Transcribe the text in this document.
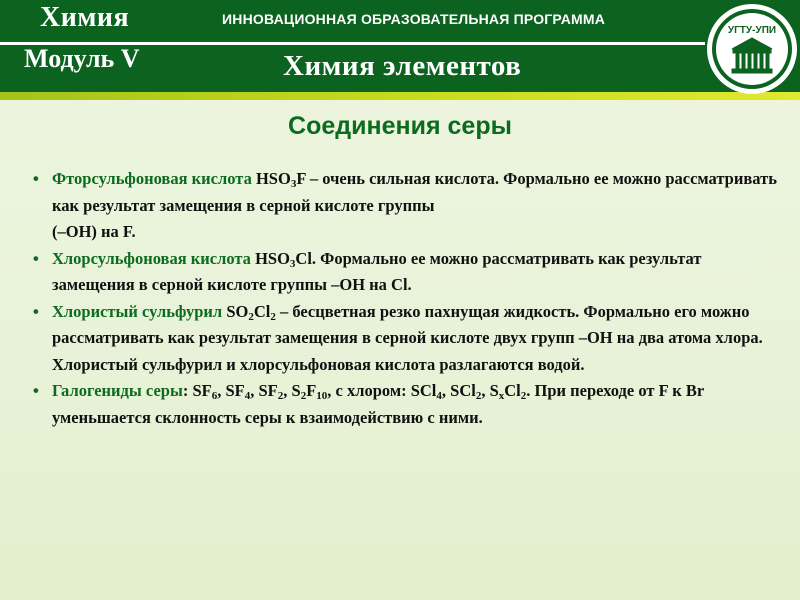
Химия	ИННОВАЦИОННАЯ ОБРАЗОВАТЕЛЬНАЯ ПРОГРАММА
Модуль V	Химия элементов
УГТУ-УПИ
Соединения серы
• Фторсульфоновая кислота $HSO_3F$ – очень сильная кислота. Формально ее можно рассматривать как результат замещения в серной кислоте группы
(–ОН) на F.
• Хлорсульфоновая кислота $HSO_3Cl$. Формально ее можно рассматривать как результат замещения в серной кислоте группы –ОН на Cl.
• Хлористый сульфурил $SO_2Cl_2$ – бесцветная резко пахнущая жидкость. Формально его можно рассматривать как результат замещения в серной кислоте двух групп –ОН на два атома хлора. Хлористый сульфурил и хлорсульфоновая кислота разлагаются водой.
• Галогениды серы: $SF_6$, $SF_4$, $SF_2$, $S_2F_{10}$, с хлором: SCl$_4$, SCl$_2$, $S_xCl_2$. При переходе от F к Br уменьшается склонность серы к взаимодействию с ними.
